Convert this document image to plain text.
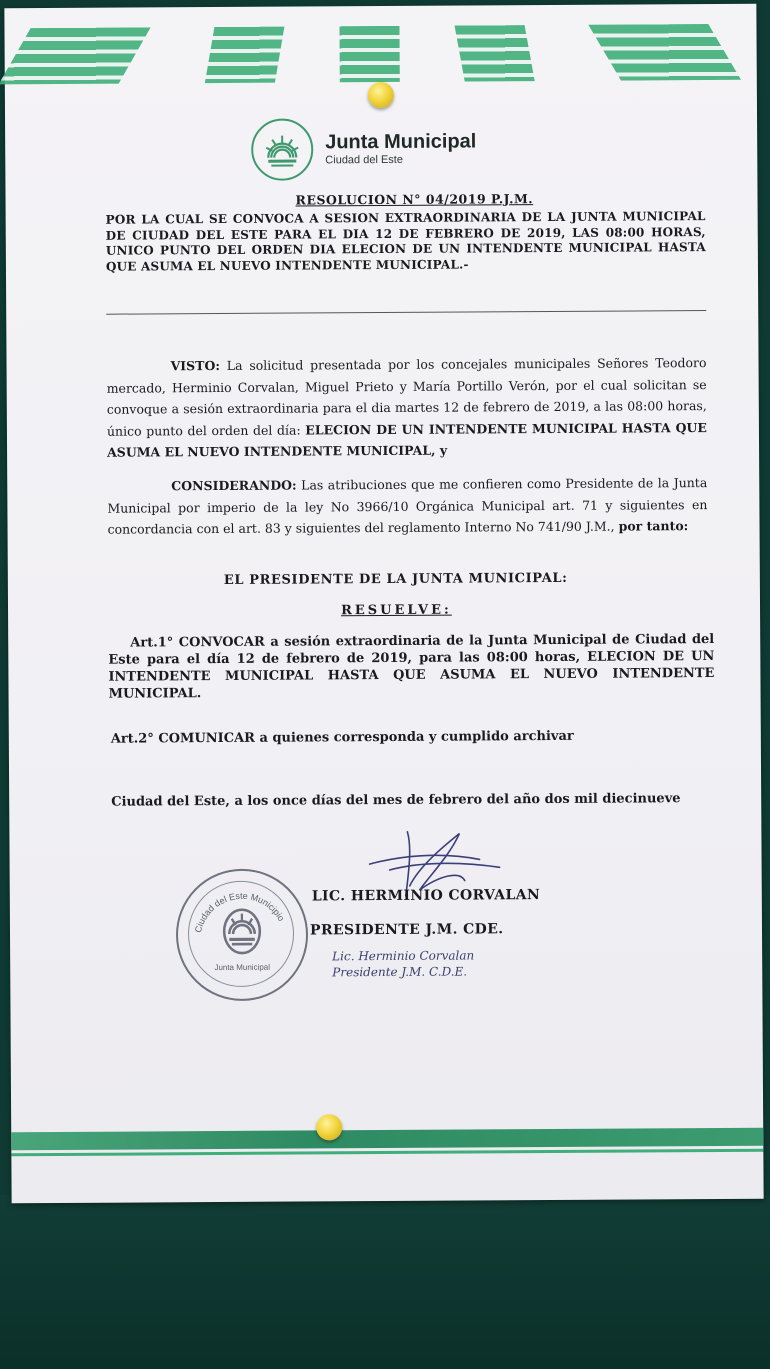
Junta Municipal
Ciudad del Este
RESOLUCION N° 04/2019 P.J.M.
POR LA CUAL SE CONVOCA A SESION EXTRAORDINARIA DE LA JUNTA MUNICIPAL DE CIUDAD DEL ESTE PARA EL DIA 12 DE FEBRERO DE 2019, LAS 08:00 HORAS, UNICO PUNTO DEL ORDEN DIA ELECION DE UN INTENDENTE MUNICIPAL HASTA QUE ASUMA EL NUEVO INTENDENTE MUNICIPAL.-
VISTO: La solicitud presentada por los concejales municipales Señores Teodoro mercado, Herminio Corvalan, Miguel Prieto y María Portillo Verón, por el cual solicitan se convoque a sesión extraordinaria para el dia martes 12 de febrero de 2019, a las 08:00 horas, único punto del orden del día: ELECION DE UN INTENDENTE MUNICIPAL HASTA QUE ASUMA EL NUEVO INTENDENTE MUNICIPAL, y
CONSIDERANDO: Las atribuciones que me confieren como Presidente de la Junta Municipal por imperio de la ley No 3966/10 Orgánica Municipal art. 71 y siguientes en concordancia con el art. 83 y siguientes del reglamento Interno No 741/90 J.M., por tanto:
EL PRESIDENTE DE LA JUNTA MUNICIPAL:
RESUELVE:
Art.1° CONVOCAR a sesión extraordinaria de la Junta Municipal de Ciudad del Este para el día 12 de febrero de 2019, para las 08:00 horas, ELECION DE UN INTENDENTE MUNICIPAL HASTA QUE ASUMA EL NUEVO INTENDENTE MUNICIPAL.
Art.2° COMUNICAR a quienes corresponda y cumplido archivar
Ciudad del Este, a los once días del mes de febrero del año dos mil diecinueve
Ciudad del Este Municipio
Junta Municipal
LIC. HERMINIO CORVALAN
PRESIDENTE J.M. CDE.
Lic. Herminio Corvalan
Presidente J.M. C.D.E.
